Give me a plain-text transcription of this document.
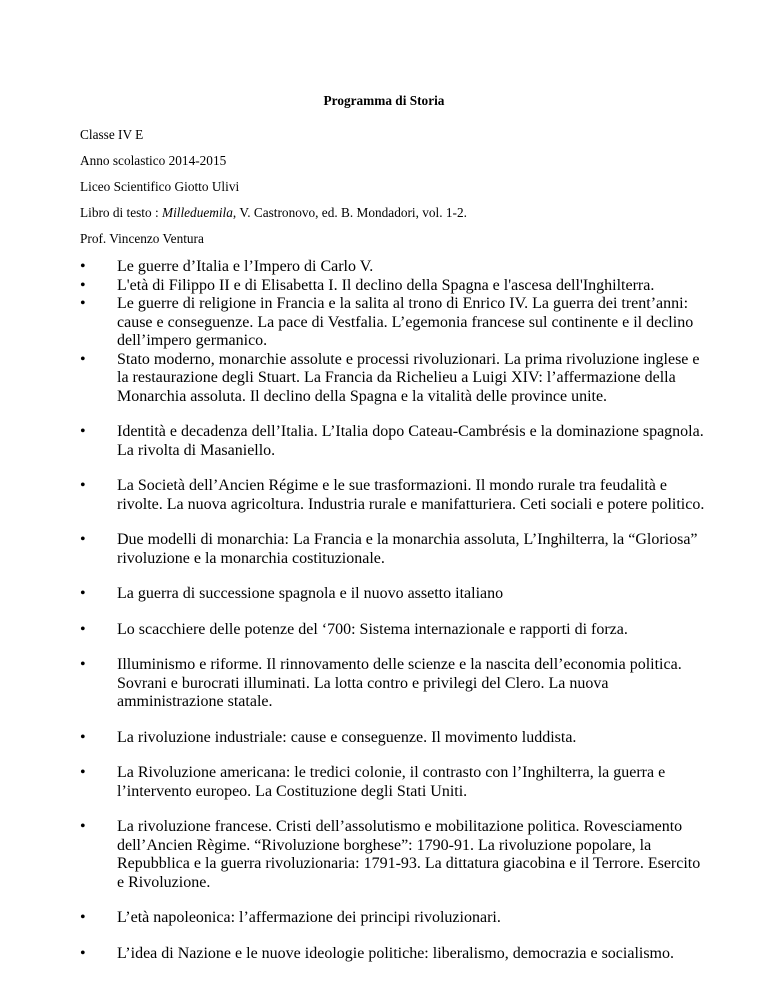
Programma di Storia
Classe IV E
Anno scolastico 2014-2015
Liceo Scientifico Giotto Ulivi
Libro di testo : Milleduemila, V. Castronovo, ed. B. Mondadori, vol. 1-2.
Prof. Vincenzo Ventura
• Le guerre d’Italia e l’Impero di Carlo V.
• L'età di Filippo II e di Elisabetta I. Il declino della Spagna e l'ascesa dell'Inghilterra.
• Le guerre di religione in Francia e la salita al trono di Enrico IV. La guerra dei trent’anni: cause e conseguenze. La pace di Vestfalia. L’egemonia francese sul continente e il declino dell’impero germanico.
• Stato moderno, monarchie assolute e processi rivoluzionari. La prima rivoluzione inglese e la restaurazione degli Stuart. La Francia da Richelieu a Luigi XIV: l’affermazione della Monarchia assoluta. Il declino della Spagna e la vitalità delle province unite.
• Identità e decadenza dell’Italia. L’Italia dopo Cateau-Cambrésis e la dominazione spagnola. La rivolta di Masaniello.
• La Società dell’Ancien Régime e le sue trasformazioni. Il mondo rurale tra feudalità e rivolte. La nuova agricoltura. Industria rurale e manifatturiera. Ceti sociali e potere politico.
• Due modelli di monarchia: La Francia e la monarchia assoluta, L’Inghilterra, la “Gloriosa” rivoluzione e la monarchia costituzionale.
• La guerra di successione spagnola e il nuovo assetto italiano
• Lo scacchiere delle potenze del ‘700: Sistema internazionale e rapporti di forza.
• Illuminismo e riforme. Il rinnovamento delle scienze e la nascita dell’economia politica. Sovrani e burocrati illuminati. La lotta contro e privilegi del Clero. La nuova amministrazione statale.
• La rivoluzione industriale: cause e conseguenze. Il movimento luddista.
• La Rivoluzione americana: le tredici colonie, il contrasto con l’Inghilterra, la guerra e l’intervento europeo. La Costituzione degli Stati Uniti.
• La rivoluzione francese. Cristi dell’assolutismo e mobilitazione politica. Rovesciamento dell’Ancien Règime. “Rivoluzione borghese”: 1790-91. La rivoluzione popolare, la Repubblica e la guerra rivoluzionaria: 1791-93. La dittatura giacobina e il Terrore. Esercito e Rivoluzione.
• L’età napoleonica: l’affermazione dei principi rivoluzionari.
• L’idea di Nazione e le nuove ideologie politiche: liberalismo, democrazia e socialismo.
